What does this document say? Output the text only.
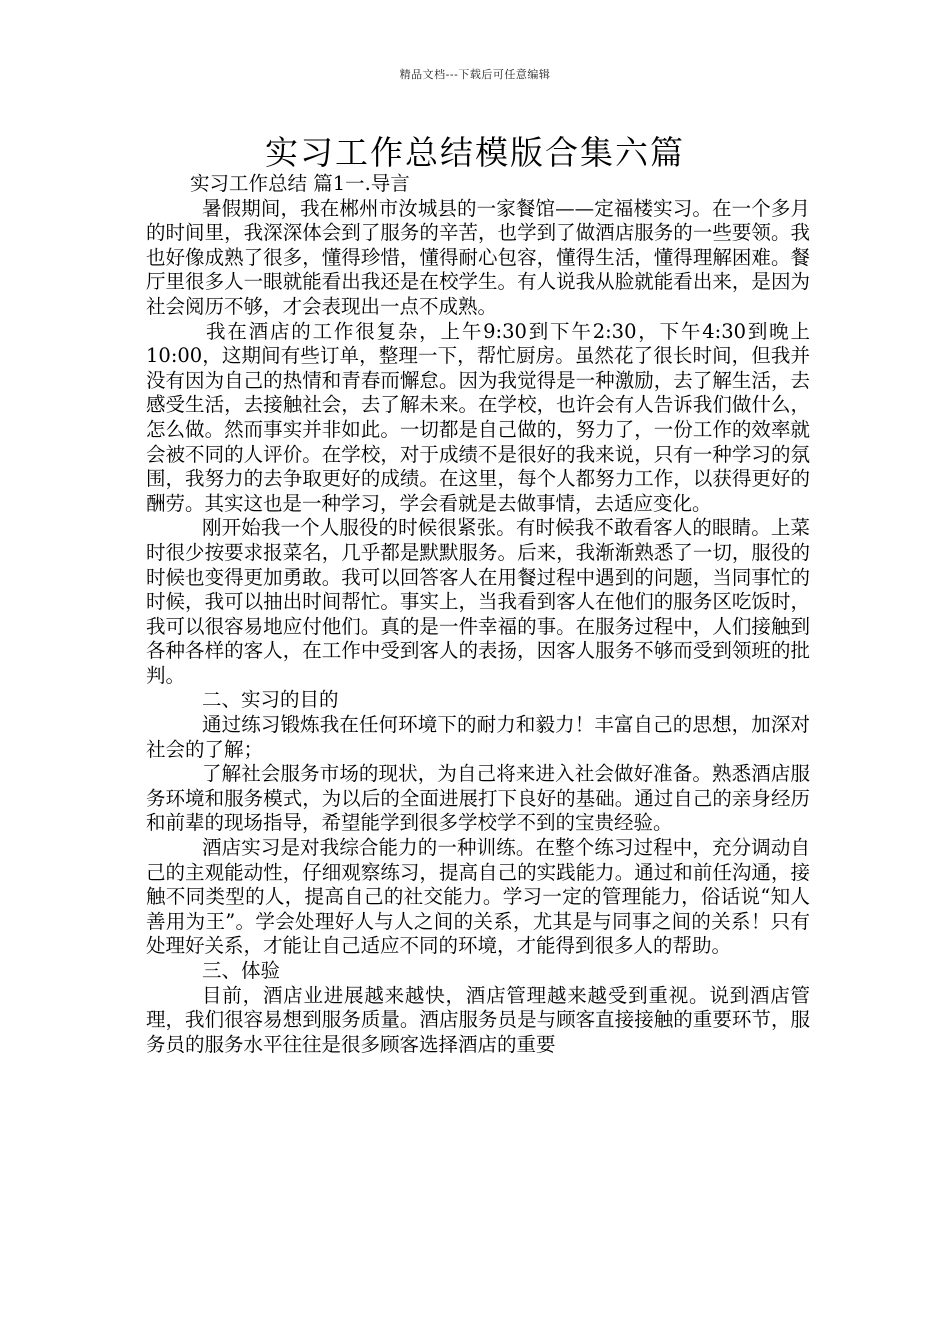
精品文档---下载后可任意编辑
实习工作总结模版合集六篇

实习工作总结 篇1一.导言

暑假期间，我在郴州市汝城县的一家餐馆——定福楼实习。在一个多月的时间里，我深深体会到了服务的辛苦，也学到了做酒店服务的一些要领。我也好像成熟了很多，懂得珍惜，懂得耐心包容，懂得生活，懂得理解困难。餐厅里很多人一眼就能看出我还是在校学生。有人说我从脸就能看出来，是因为社会阅历不够，才会表现出一点不成熟。

我在酒店的工作很复杂，上午9:30到下午2:30，下午4:30到晚上10:00，这期间有些订单，整理一下，帮忙厨房。虽然花了很长时间，但我并没有因为自己的热情和青春而懈怠。因为我觉得是一种激励，去了解生活，去感受生活，去接触社会，去了解未来。在学校，也许会有人告诉我们做什么，怎么做。然而事实并非如此。一切都是自己做的，努力了，一份工作的效率就会被不同的人评价。在学校，对于成绩不是很好的我来说，只有一种学习的氛围，我努力的去争取更好的成绩。在这里，每个人都努力工作，以获得更好的酬劳。其实这也是一种学习，学会看就是去做事情，去适应变化。

刚开始我一个人服役的时候很紧张。有时候我不敢看客人的眼睛。上菜时很少按要求报菜名，几乎都是默默服务。后来，我渐渐熟悉了一切，服役的时候也变得更加勇敢。我可以回答客人在用餐过程中遇到的问题，当同事忙的时候，我可以抽出时间帮忙。事实上，当我看到客人在他们的服务区吃饭时，我可以很容易地应付他们。真的是一件幸福的事。在服务过程中，人们接触到各种各样的客人，在工作中受到客人的表扬，因客人服务不够而受到领班的批判。

二、实习的目的

通过练习锻炼我在任何环境下的耐力和毅力！丰富自己的思想，加深对社会的了解；

了解社会服务市场的现状，为自己将来进入社会做好准备。熟悉酒店服务环境和服务模式，为以后的全面进展打下良好的基础。通过自己的亲身经历和前辈的现场指导，希望能学到很多学校学不到的宝贵经验。

酒店实习是对我综合能力的一种训练。在整个练习过程中，充分调动自己的主观能动性，仔细观察练习，提高自己的实践能力。通过和前任沟通，接触不同类型的人，提高自己的社交能力。学习一定的管理能力，俗话说“知人善用为王”。学会处理好人与人之间的关系，尤其是与同事之间的关系！只有处理好关系，才能让自己适应不同的环境，才能得到很多人的帮助。

三、体验

目前，酒店业进展越来越快，酒店管理越来越受到重视。说到酒店管理，我们很容易想到服务质量。酒店服务员是与顾客直接接触的重要环节，服务员的服务水平往往是很多顾客选择酒店的重要
